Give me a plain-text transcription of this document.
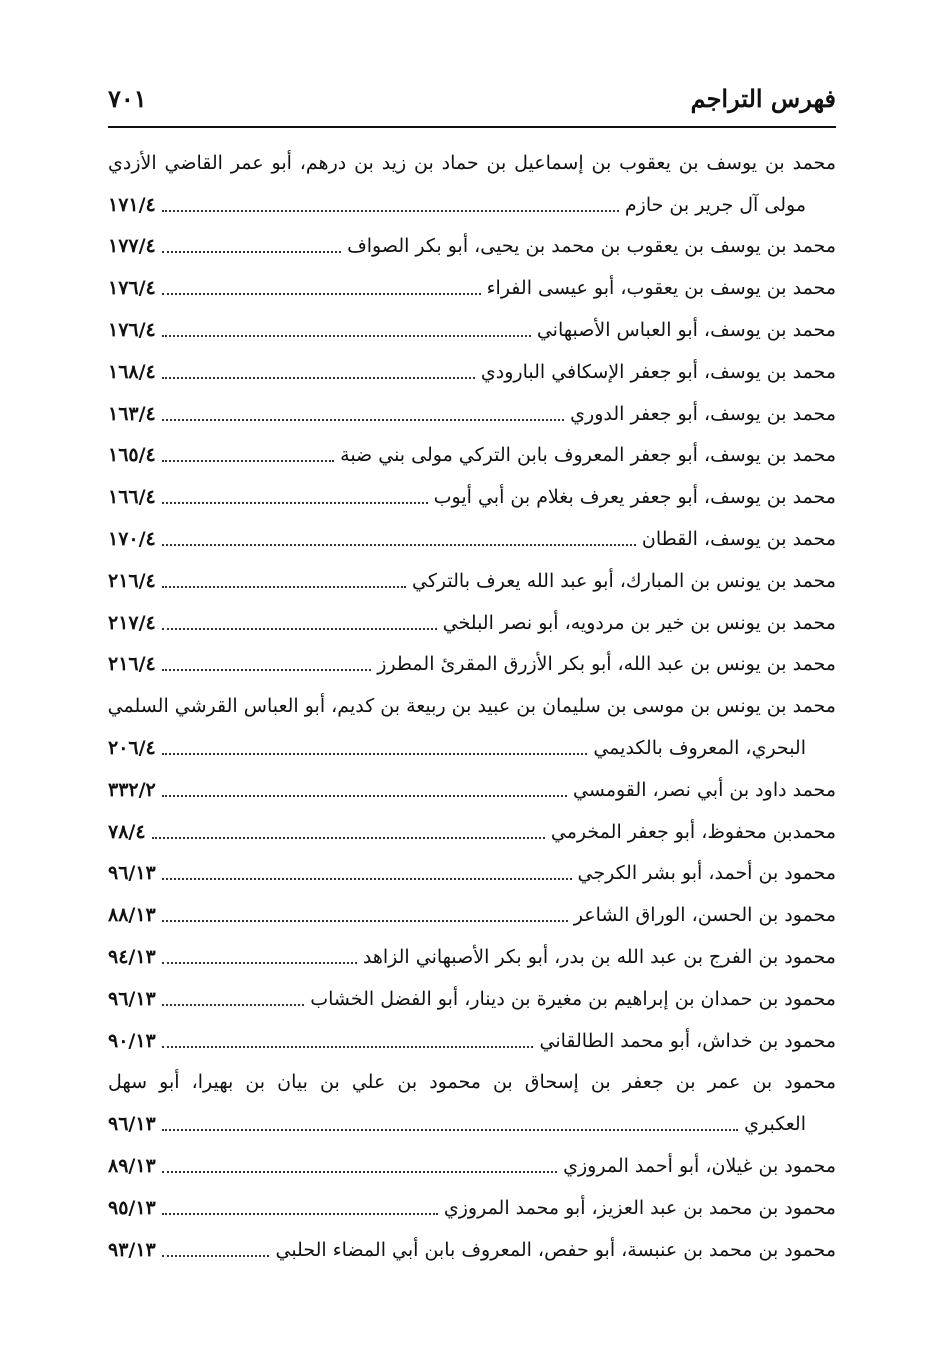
فهرس التراجم
٧٠١
محمد بن يوسف بن يعقوب بن إسماعيل بن حماد بن زيد بن درهم، أبو عمر القاضي الأزدي
مولى آل جرير بن حازم
١٧١/٤
محمد بن يوسف بن يعقوب بن محمد بن يحيى، أبو بكر الصواف
١٧٧/٤
محمد بن يوسف بن يعقوب، أبو عيسى الفراء
١٧٦/٤
محمد بن يوسف، أبو العباس الأصبهاني
١٧٦/٤
محمد بن يوسف، أبو جعفر الإسكافي البارودي
١٦٨/٤
محمد بن يوسف، أبو جعفر الدوري
١٦٣/٤
محمد بن يوسف، أبو جعفر المعروف بابن التركي مولى بني ضبة
١٦٥/٤
محمد بن يوسف، أبو جعفر يعرف بغلام بن أبي أيوب
١٦٦/٤
محمد بن يوسف، القطان
١٧٠/٤
محمد بن يونس بن المبارك، أبو عبد الله يعرف بالتركي
٢١٦/٤
محمد بن يونس بن خير بن مردويه، أبو نصر البلخي
٢١٧/٤
محمد بن يونس بن عبد الله، أبو بكر الأزرق المقرئ المطرز
٢١٦/٤
محمد بن يونس بن موسى بن سليمان بن عبيد بن ربيعة بن كديم، أبو العباس القرشي السلمي
البحري، المعروف بالكديمي
٢٠٦/٤
محمد داود بن أبي نصر، القومسي
٣٣٢/٢
محمدبن محفوظ، أبو جعفر المخرمي
٧٨/٤
محمود بن أحمد، أبو بشر الكرجي
٩٦/١٣
محمود بن الحسن، الوراق الشاعر
٨٨/١٣
محمود بن الفرج بن عبد الله بن بدر، أبو بكر الأصبهاني الزاهد
٩٤/١٣
محمود بن حمدان بن إبراهيم بن مغيرة بن دينار، أبو الفضل الخشاب
٩٦/١٣
محمود بن خداش، أبو محمد الطالقاني
٩٠/١٣
محمود بن عمر بن جعفر بن إسحاق بن محمود بن علي بن بيان بن بهيرا، أبو سهل
العكبري
٩٦/١٣
محمود بن غيلان، أبو أحمد المروزي
٨٩/١٣
محمود بن محمد بن عبد العزيز، أبو محمد المروزي
٩٥/١٣
محمود بن محمد بن عنبسة، أبو حفص، المعروف بابن أبي المضاء الحلبي
٩٣/١٣
